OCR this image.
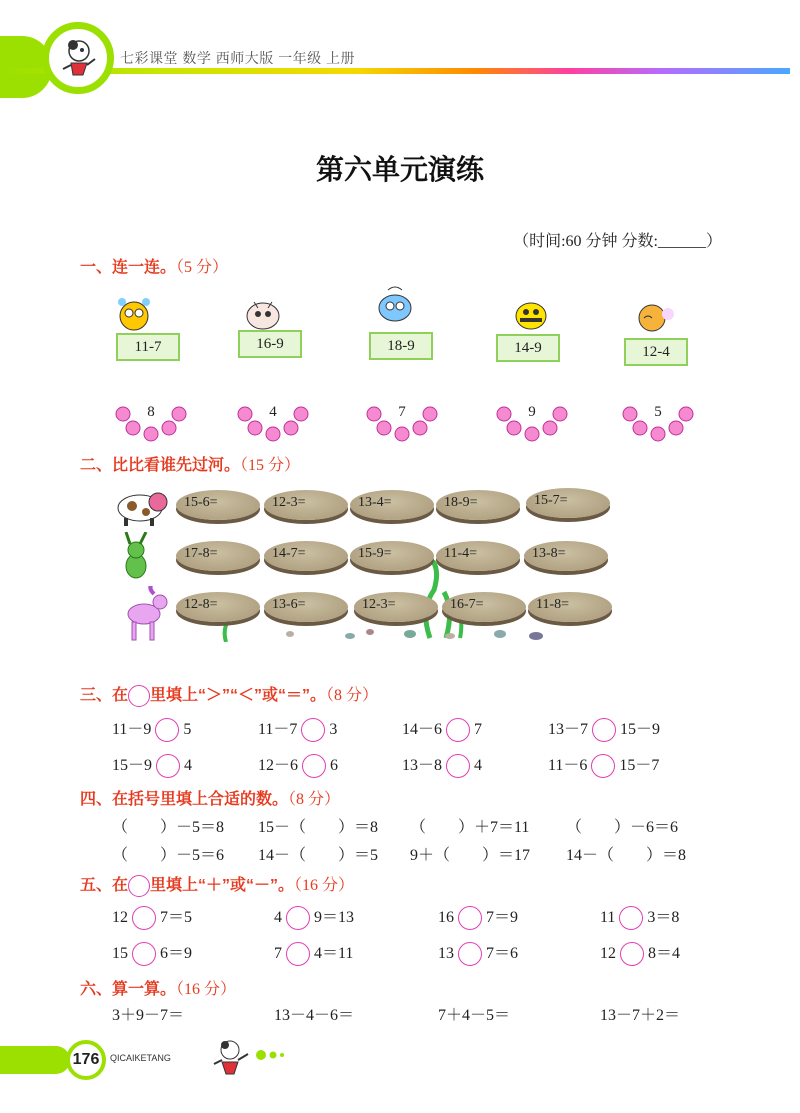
七彩课堂 数学 西师大版 一年级 上册
第六单元演练
（时间:60 分钟 分数:______）
一、连一连。（5 分）
11-7	16-9	18-9	14-9	12-4
8	4	7	9	5
二、比比看谁先过河。（15 分）
15-6=	12-3=	13-4=	18-9=	15-7=
17-8=	14-7=	15-9=	11-4=	13-8=
12-8=	13-6=	12-3=	16-7=	11-8=
三、在 里填上“＞”“＜”或“＝”。（8 分）
11－9 5	11－7 3	14－6 7	13－7 15－9
15－9 4	12－6 6	13－8 4	11－6 15－7
四、在括号里填上合适的数。（8 分）
（　　）－5＝8 15－（　　）＝8 （　　）＋7＝11 （　　）－6＝6
（　　）－5＝6 14－（　　）＝5 9＋（　　）＝17 14－（　　）＝8
五、在 里填上“＋”或“－”。（16 分）
12 7＝5	4 9＝13	16 7＝9	11 3＝8
15 6＝9	7 4＝11	13 7＝6	12 8＝4
六、算一算。（16 分）
3＋9－7＝	13－4－6＝	7＋4－5＝	13－7＋2＝
176	QICAIKETANG
